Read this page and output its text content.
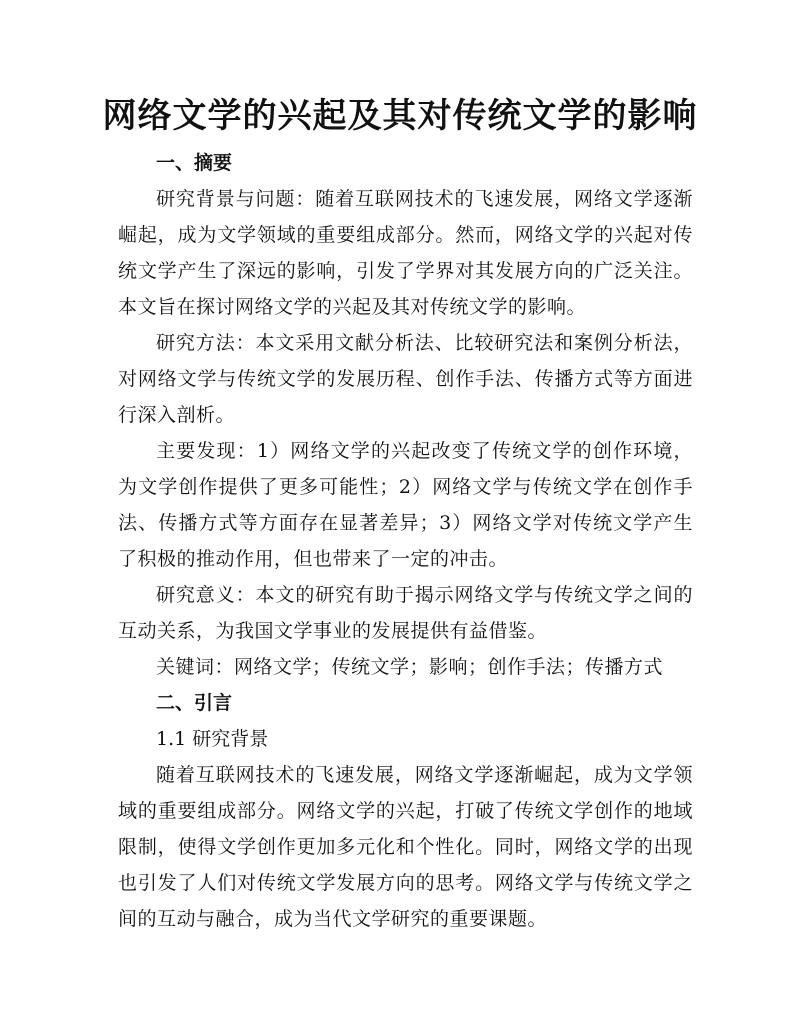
网络文学的兴起及其对传统文学的影响
一、摘要

研究背景与问题：随着互联网技术的飞速发展，网络文学逐渐崛起，成为文学领域的重要组成部分。然而，网络文学的兴起对传统文学产生了深远的影响，引发了学界对其发展方向的广泛关注。本文旨在探讨网络文学的兴起及其对传统文学的影响。

研究方法：本文采用文献分析法、比较研究法和案例分析法，对网络文学与传统文学的发展历程、创作手法、传播方式等方面进行深入剖析。

主要发现：1）网络文学的兴起改变了传统文学的创作环境，为文学创作提供了更多可能性；2）网络文学与传统文学在创作手法、传播方式等方面存在显著差异；3）网络文学对传统文学产生了积极的推动作用，但也带来了一定的冲击。

研究意义：本文的研究有助于揭示网络文学与传统文学之间的互动关系，为我国文学事业的发展提供有益借鉴。

关键词：网络文学；传统文学；影响；创作手法；传播方式

二、引言
1.1 研究背景

随着互联网技术的飞速发展，网络文学逐渐崛起，成为文学领域的重要组成部分。网络文学的兴起，打破了传统文学创作的地域限制，使得文学创作更加多元化和个性化。同时，网络文学的出现也引发了人们对传统文学发展方向的思考。网络文学与传统文学之间的互动与融合，成为当代文学研究的重要课题。
